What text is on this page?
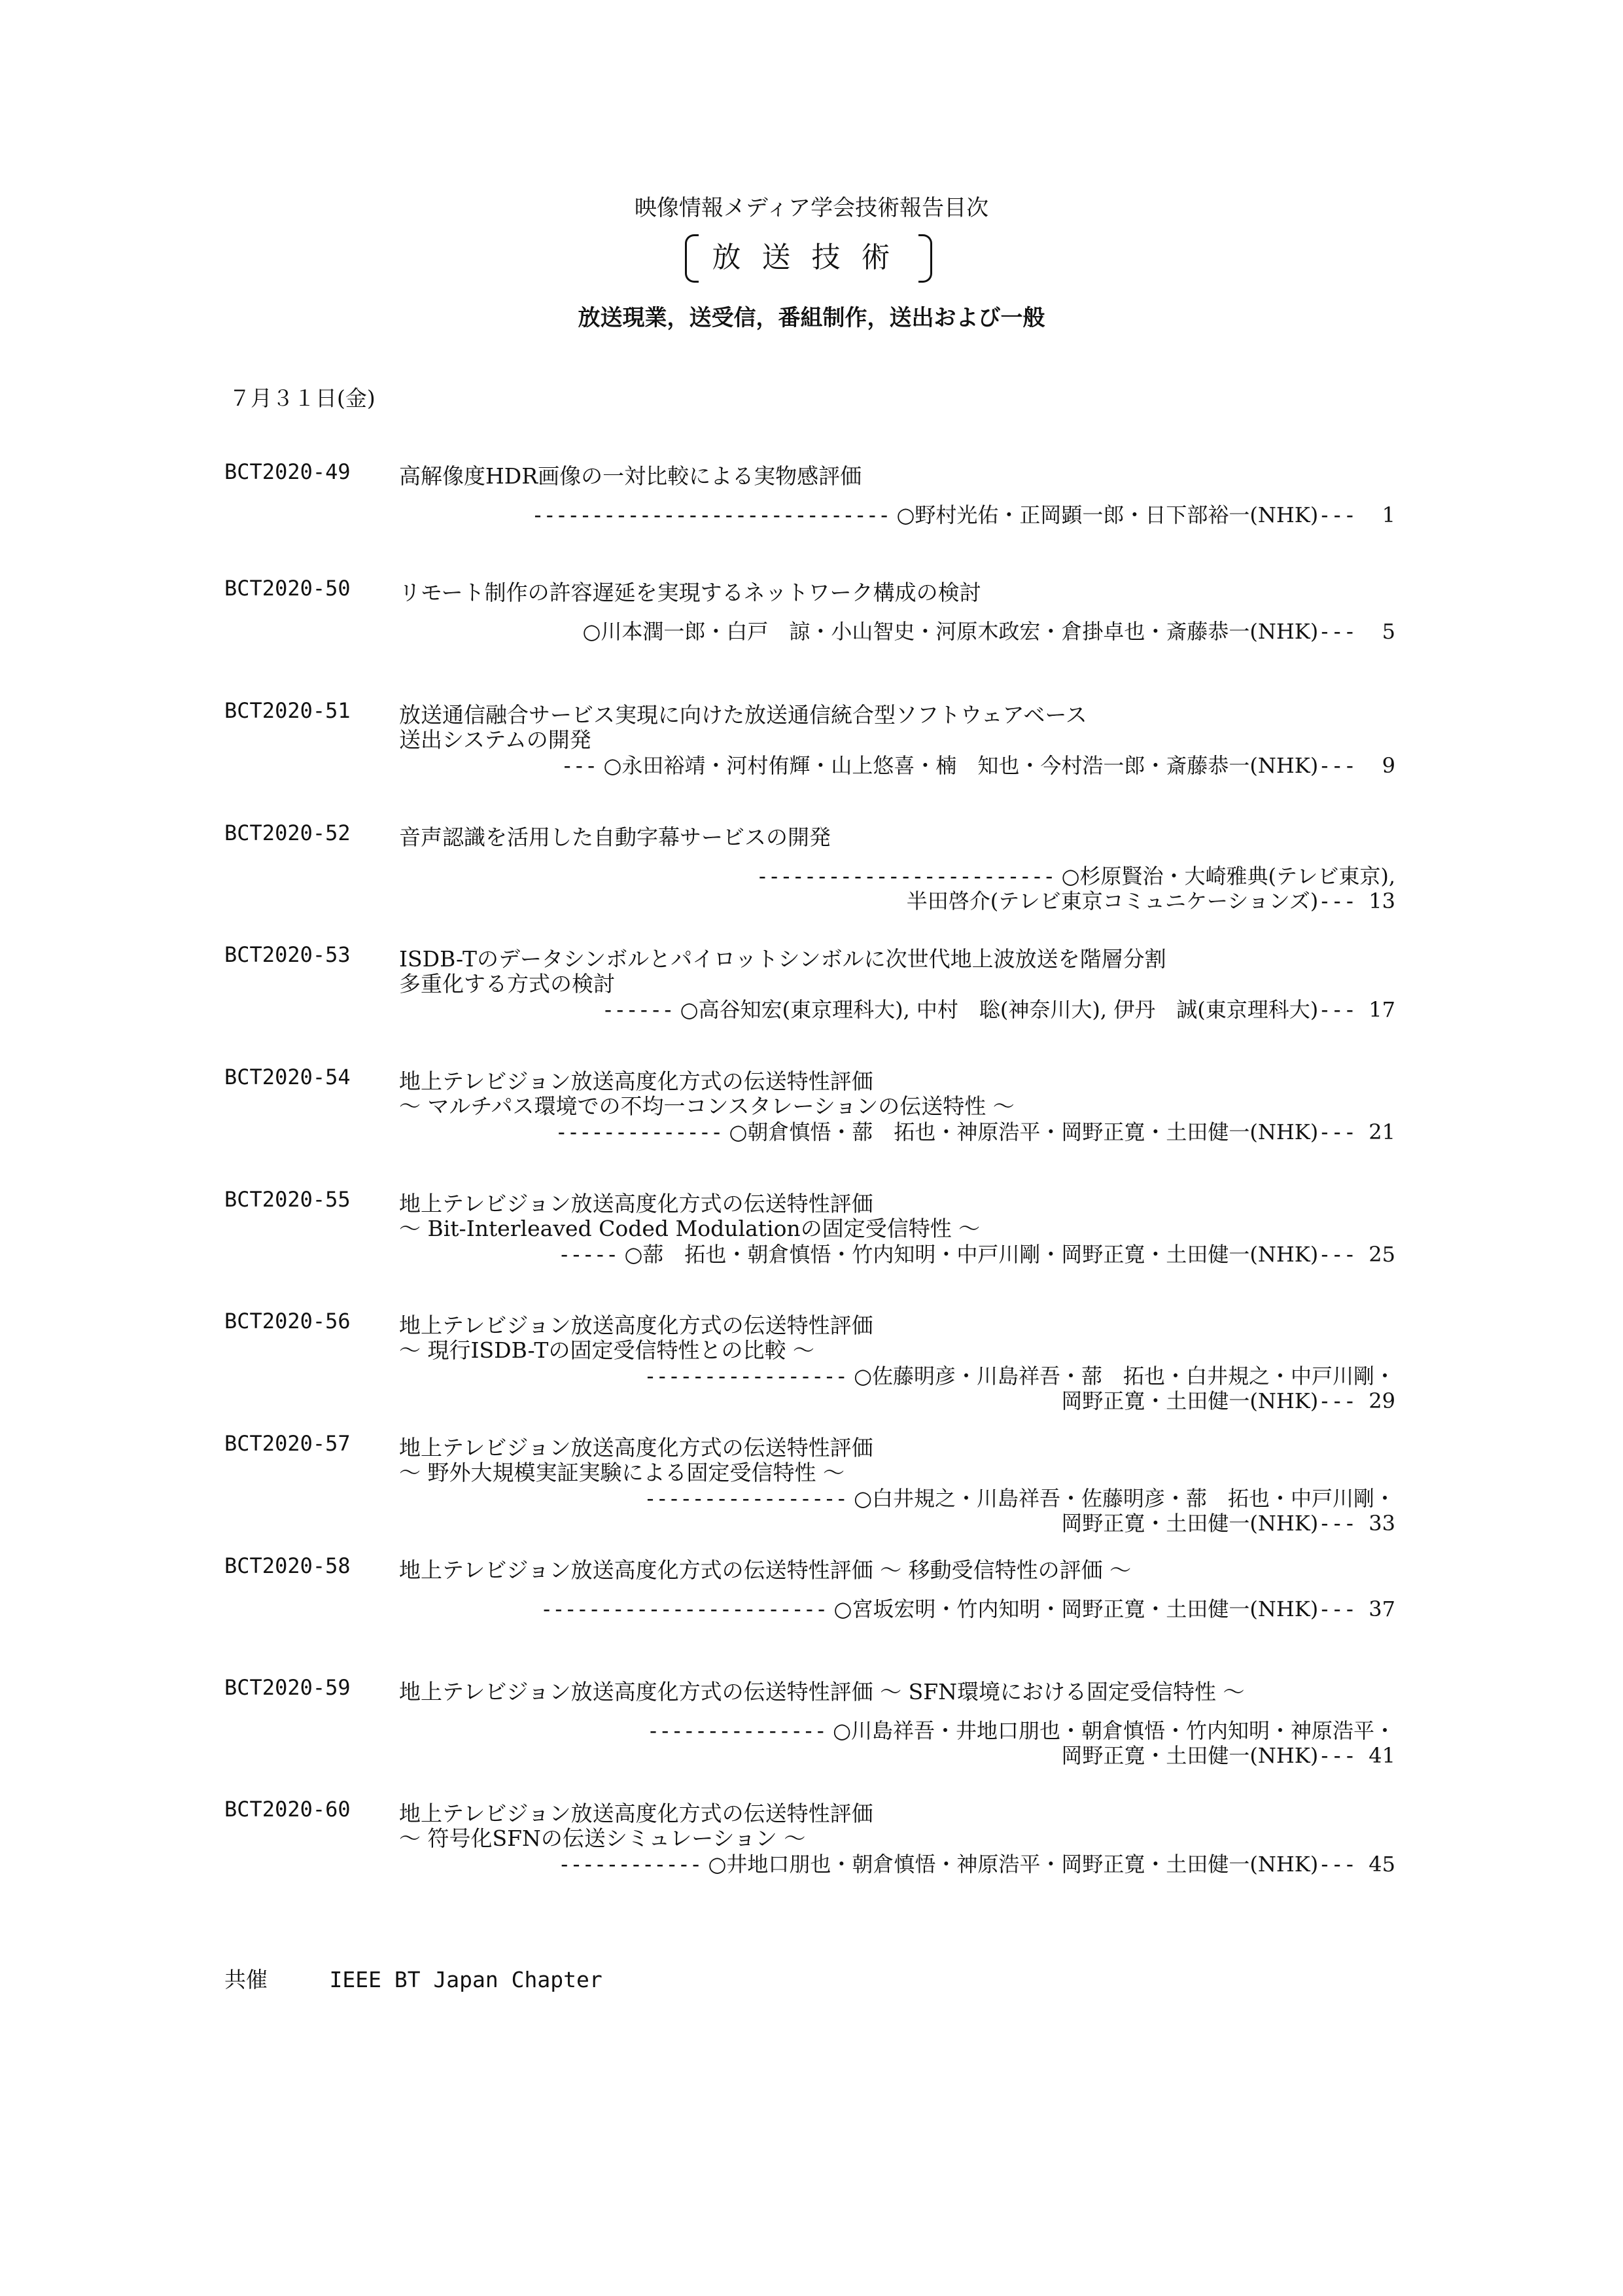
映像情報メディア学会技術報告目次
放送技術
放送現業，送受信，番組制作，送出および一般
７月３１日(金)
BCT2020-49 高解像度HDR画像の一対比較による実物感評価
------------------------------ ○野村光佑・正岡顕一郎・日下部裕一(NHK)--- 1
BCT2020-50 リモート制作の許容遅延を実現するネットワーク構成の検討
○川本潤一郎・白戸　諒・小山智史・河原木政宏・倉掛卓也・斎藤恭一(NHK)--- 5
BCT2020-51 放送通信融合サービス実現に向けた放送通信統合型ソフトウェアベース
送出システムの開発
--- ○永田裕靖・河村侑輝・山上悠喜・楠　知也・今村浩一郎・斎藤恭一(NHK)--- 9
BCT2020-52 音声認識を活用した自動字幕サービスの開発
------------------------- ○杉原賢治・大崎雅典(テレビ東京),
半田啓介(テレビ東京コミュニケーションズ)--- 13
BCT2020-53 ISDB-Tのデータシンボルとパイロットシンボルに次世代地上波放送を階層分割
多重化する方式の検討
------ ○高谷知宏(東京理科大), 中村　聡(神奈川大), 伊丹　誠(東京理科大)--- 17
BCT2020-54 地上テレビジョン放送高度化方式の伝送特性評価
～ マルチパス環境での不均一コンスタレーションの伝送特性 ～
-------------- ○朝倉慎悟・蔀　拓也・神原浩平・岡野正寛・土田健一(NHK)--- 21
BCT2020-55 地上テレビジョン放送高度化方式の伝送特性評価
～ Bit-Interleaved Coded Modulationの固定受信特性 ～
----- ○蔀　拓也・朝倉慎悟・竹内知明・中戸川剛・岡野正寛・土田健一(NHK)--- 25
BCT2020-56 地上テレビジョン放送高度化方式の伝送特性評価
～ 現行ISDB-Tの固定受信特性との比較 ～
----------------- ○佐藤明彦・川島祥吾・蔀　拓也・白井規之・中戸川剛・
岡野正寛・土田健一(NHK)--- 29
BCT2020-57 地上テレビジョン放送高度化方式の伝送特性評価
～ 野外大規模実証実験による固定受信特性 ～
----------------- ○白井規之・川島祥吾・佐藤明彦・蔀　拓也・中戸川剛・
岡野正寛・土田健一(NHK)--- 33
BCT2020-58 地上テレビジョン放送高度化方式の伝送特性評価 ～ 移動受信特性の評価 ～
------------------------ ○宮坂宏明・竹内知明・岡野正寛・土田健一(NHK)--- 37
BCT2020-59 地上テレビジョン放送高度化方式の伝送特性評価 ～ SFN環境における固定受信特性 ～
--------------- ○川島祥吾・井地口朋也・朝倉慎悟・竹内知明・神原浩平・
岡野正寛・土田健一(NHK)--- 41
BCT2020-60 地上テレビジョン放送高度化方式の伝送特性評価
～ 符号化SFNの伝送シミュレーション ～
------------ ○井地口朋也・朝倉慎悟・神原浩平・岡野正寛・土田健一(NHK)--- 45
共催	IEEE BT Japan Chapter
